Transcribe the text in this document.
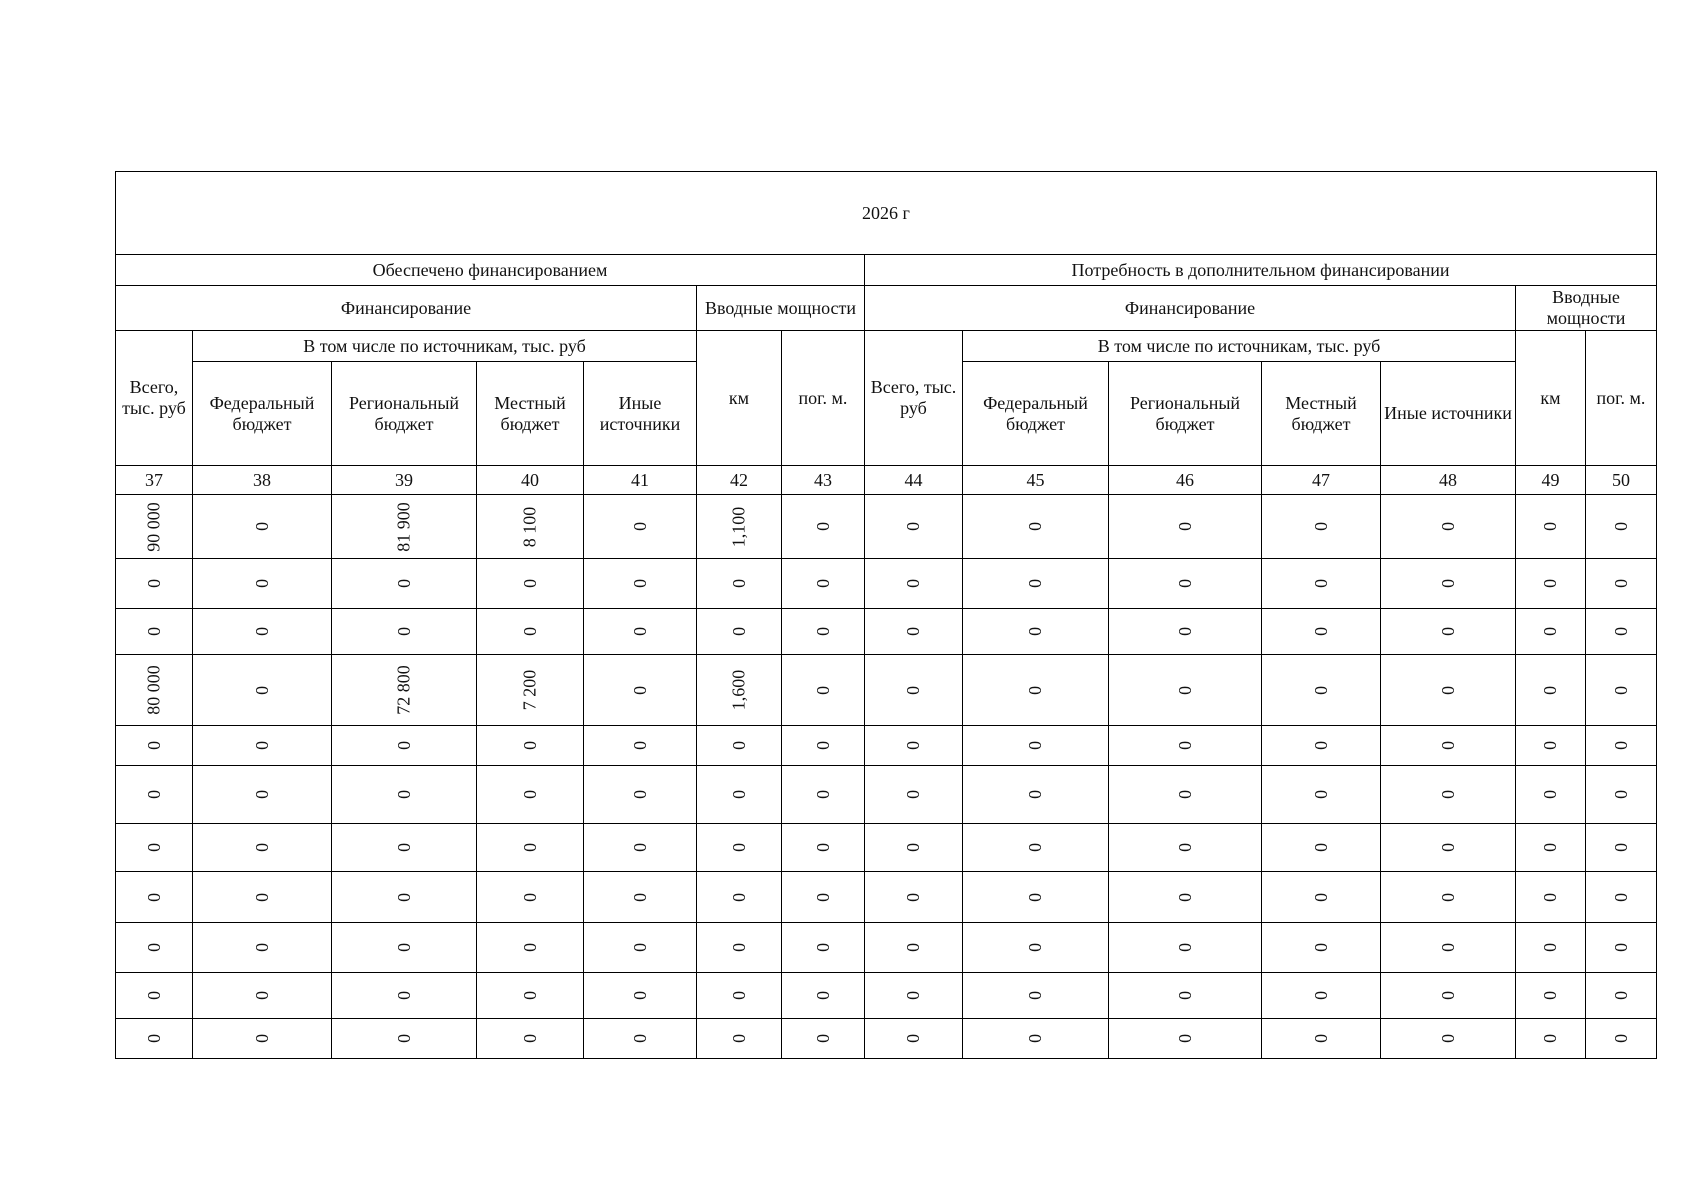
2026 г													
Обеспечено финансированием							Потребность в дополнительном финансировании						
Финансирование					Вводные мощности		Финансирование					Вводные мощности	
Всего, тыс. руб	В том числе по источникам, тыс. руб				км	пог. м.	Всего, тыс. руб	В том числе по источникам, тыс. руб				км	пог. м.
	Федеральный бюджет	Региональный бюджет	Местный бюджет	Иные источники				Федеральный бюджет	Региональный бюджет	Местный бюджет	Иные источники		
37	38	39	40	41	42	43	44	45	46	47	48	49	50

90 000	0	81 900	8 100	0	1,100	0	0	0	0	0	0	0	0
0	0	0	0	0	0	0	0	0	0	0	0	0	0
0	0	0	0	0	0	0	0	0	0	0	0	0	0

80 000	0	72 800	7 200	0	1,600	0	0	0	0	0	0	0	0
0	0	0	0	0	0	0	0	0	0	0	0	0	0
0	0	0	0	0	0	0	0	0	0	0	0	0	0
0	0	0	0	0	0	0	0	0	0	0	0	0	0
0	0	0	0	0	0	0	0	0	0	0	0	0	0
0	0	0	0	0	0	0	0	0	0	0	0	0	0
0	0	0	0	0	0	0	0	0	0	0	0	0	0
0	0	0	0	0	0	0	0	0	0	0	0	0	0
